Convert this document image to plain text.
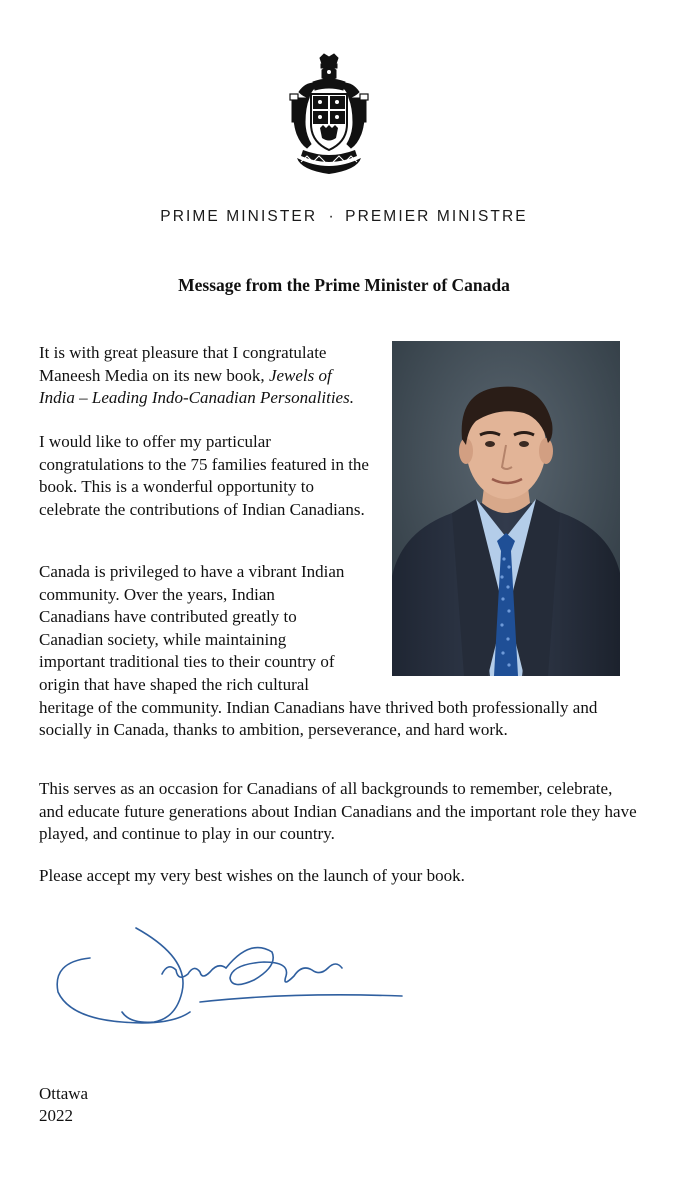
PRIME MINISTER · PREMIER MINISTRE
Message from the Prime Minister of Canada

It is with great pleasure that I congratulate Maneesh Media on its new book, Jewels of India – Leading Indo-Canadian Personalities.

I would like to offer my particular congratulations to the 75 families featured in the book. This is a wonderful opportunity to celebrate the contributions of Indian Canadians.

Canada is privileged to have a vibrant Indian
community. Over the years, Indian
Canadians have contributed greatly to
Canadian society, while maintaining
important traditional ties to their country of
origin that have shaped the rich cultural
heritage of the community. Indian Canadians have thrived both professionally and socially in Canada, thanks to ambition, perseverance, and hard work.

This serves as an occasion for Canadians of all backgrounds to remember, celebrate, and educate future generations about Indian Canadians and the important role they have played, and continue to play in our country.

Please accept my very best wishes on the launch of your book.

Ottawa
2022
